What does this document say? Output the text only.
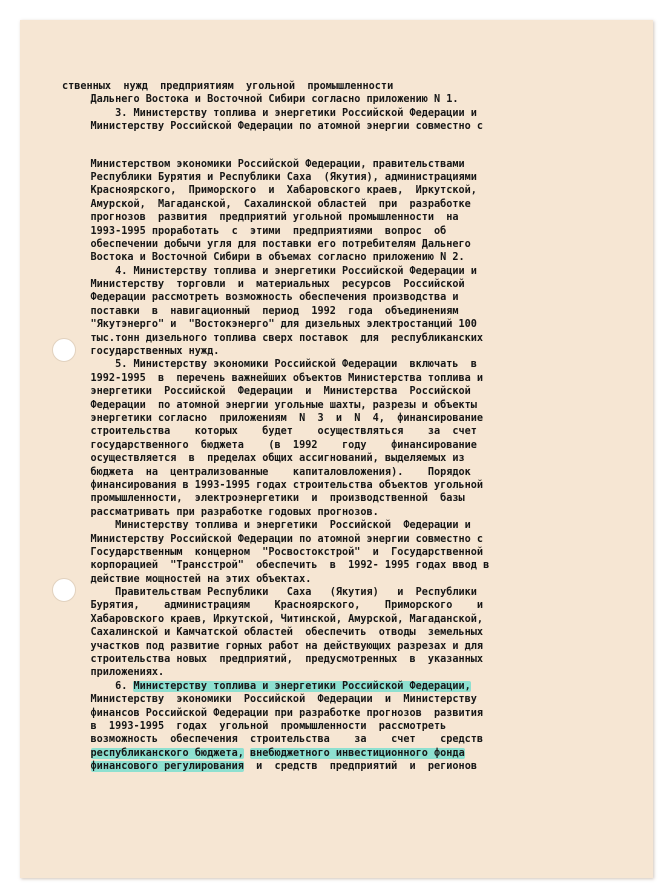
ственных  нужд  предприятиям  угольной  промышленности
Дальнего Востока и Восточной Сибири согласно приложению N 1.
3. Министерству топлива и энергетики Российской Федерации и
Министерству Российской Федерации по атомной энергии совместно с
Министерством экономики Российской Федерации, правительствами
Республики Бурятия и Республики Саха  (Якутия), администрациями
Красноярского,  Приморского  и  Хабаровского краев,  Иркутской,
Амурской,  Магаданской,  Сахалинской областей  при  разработке
прогнозов  развития  предприятий угольной промышленности  на
1993-1995 проработать  с  этими  предприятиями  вопрос  об
обеспечении добычи угля для поставки его потребителям Дальнего
Востока и Восточной Сибири в объемах согласно приложению N 2.
4. Министерству топлива и энергетики Российской Федерации и
Министерству  торговли  и  материальных  ресурсов  Российской
Федерации рассмотреть возможность обеспечения производства и
поставки  в  навигационный  период  1992  года  объединениям
"Якутэнерго" и  "Востокэнерго" для дизельных электростанций 100
тыс.тонн дизельного топлива сверх поставок  для  республиканских
государственных нужд.
5. Министерству экономики Российской Федерации  включать  в
1992-1995  в  перечень важнейших объектов Министерства топлива и
энергетики  Российской  Федерации  и  Министерства  Российской
Федерации  по атомной энергии угольные шахты, разрезы и объекты
энергетики согласно  приложениям  N  3  и  N  4,  финансирование
строительства    которых    будет    осуществляться    за  счет
государственного  бюджета    (в  1992    году    финансирование
осуществляется  в  пределах общих ассигнований, выделяемых из
бюджета  на  централизованные    капиталовложения).    Порядок
финансирования в 1993-1995 годах строительства объектов угольной
промышленности,  электроэнергетики  и  производственной  базы
рассматривать при разработке годовых прогнозов.
Министерству топлива и энергетики  Российской  Федерации и
Министерству Российской Федерации по атомной энергии совместно с
Государственным  концерном  "Росвостокстрой"  и  Государственной
корпорацией  "Трансстрой"  обеспечить  в  1992- 1995 годах ввод в
действие мощностей на этих объектах.
Правительствам Республики   Саха   (Якутия)   и  Республики
Бурятия,    администрациям    Красноярского,    Приморского    и
Хабаровского краев, Иркутской, Читинской, Амурской, Магаданской,
Сахалинской и Камчатской областей  обеспечить  отводы  земельных
участков под развитие горных работ на действующих разрезах и для
строительства новых  предприятий,  предусмотренных  в  указанных
приложениях.
6. Министерству топлива и энергетики Российской Федерации,
Министерству  экономики  Российской  Федерации  и  Министерству
финансов Российской Федерации при разработке прогнозов  развития
в  1993-1995  годах  угольной  промышленности  рассмотреть
возможность  обеспечения  строительства    за    счет    средств
республиканского бюджета, внебюджетного инвестиционного фонда
финансового регулирования  и  средств  предприятий  и  регионов
